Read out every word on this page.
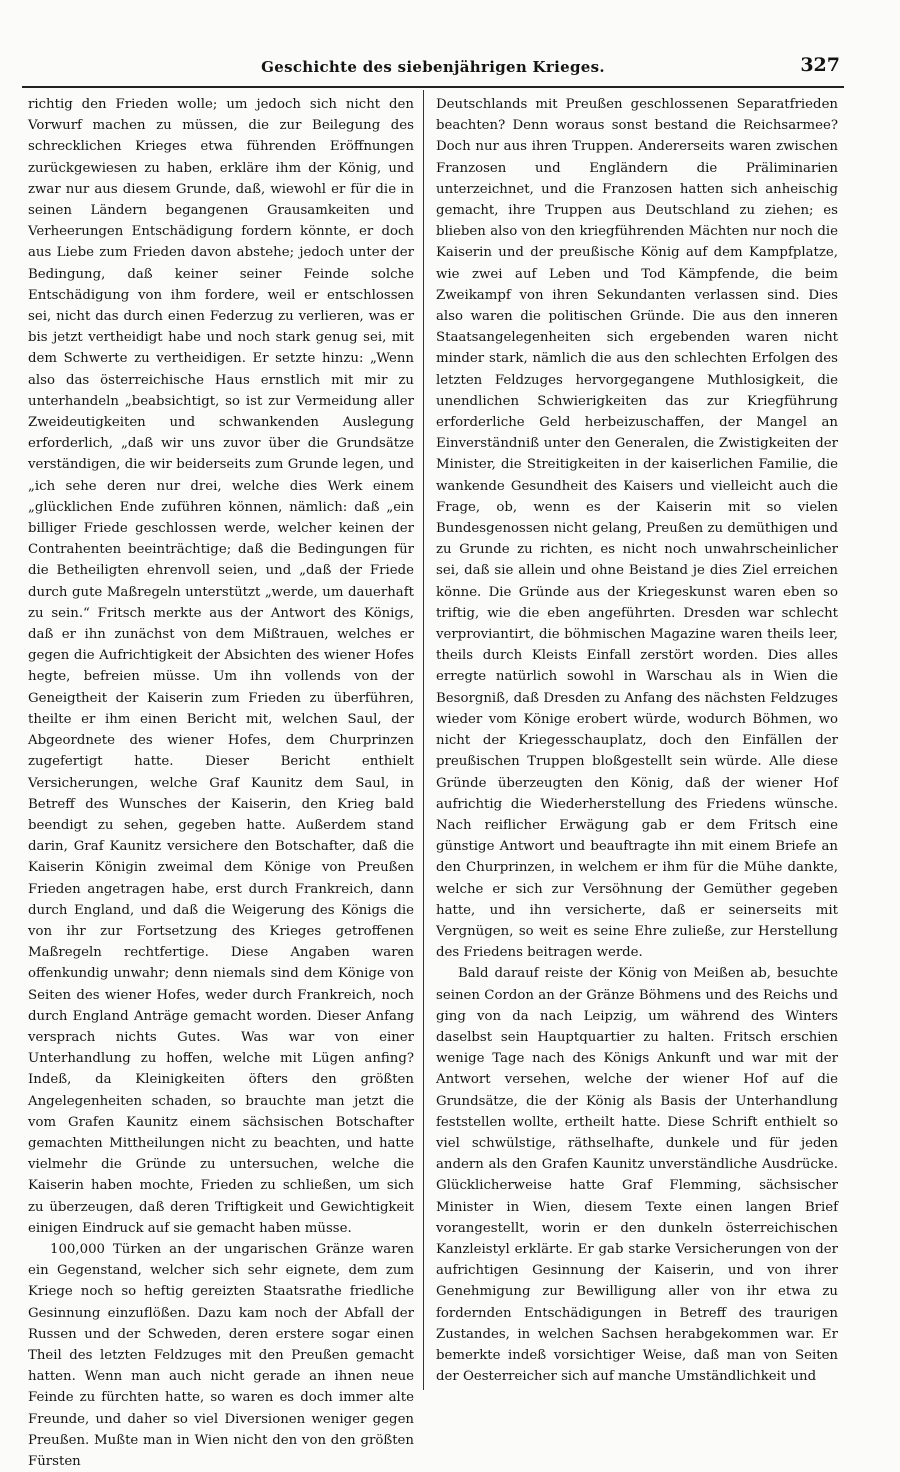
Geschichte des siebenjährigen Krieges.	327

richtig den Frieden wolle; um jedoch sich nicht den Vorwurf machen zu müssen, die zur Beilegung des schrecklichen Krieges etwa führenden Eröffnungen zurückgewiesen zu haben, erkläre ihm der König, und zwar nur aus diesem Grunde, daß, wiewohl er für die in seinen Ländern begangenen Grausamkeiten und Verheerungen Entschädigung fordern könnte, er doch aus Liebe zum Frieden davon abstehe; jedoch unter der Bedingung, daß keiner seiner Feinde solche Entschädigung von ihm fordere, weil er entschlossen sei, nicht das durch einen Federzug zu verlieren, was er bis jetzt vertheidigt habe und noch stark genug sei, mit dem Schwerte zu vertheidigen. Er setzte hinzu: „Wenn also das österreichische Haus ernstlich mit mir zu unterhandeln „beabsichtigt, so ist zur Vermeidung aller Zweideutigkeiten und schwankenden Auslegung erforderlich, „daß wir uns zuvor über die Grundsätze verständigen, die wir beiderseits zum Grunde legen, und „ich sehe deren nur drei, welche dies Werk einem „glücklichen Ende zuführen können, nämlich: daß „ein billiger Friede geschlossen werde, welcher keinen der Contrahenten beeinträchtige; daß die Bedingungen für die Betheiligten ehrenvoll seien, und „daß der Friede durch gute Maßregeln unterstützt „werde, um dauerhaft zu sein.“ Fritsch merkte aus der Antwort des Königs, daß er ihn zunächst von dem Mißtrauen, welches er gegen die Aufrichtigkeit der Absichten des wiener Hofes hegte, befreien müsse. Um ihn vollends von der Geneigtheit der Kaiserin zum Frieden zu überführen, theilte er ihm einen Bericht mit, welchen Saul, der Abgeordnete des wiener Hofes, dem Churprinzen zugefertigt hatte. Dieser Bericht enthielt Versicherungen, welche Graf Kaunitz dem Saul, in Betreff des Wunsches der Kaiserin, den Krieg bald beendigt zu sehen, gegeben hatte. Außerdem stand darin, Graf Kaunitz versichere den Botschafter, daß die Kaiserin Königin zweimal dem Könige von Preußen Frieden angetragen habe, erst durch Frankreich, dann durch England, und daß die Weigerung des Königs die von ihr zur Fortsetzung des Krieges getroffenen Maßregeln rechtfertige. Diese Angaben waren offenkundig unwahr; denn niemals sind dem Könige von Seiten des wiener Hofes, weder durch Frankreich, noch durch England Anträge gemacht worden. Dieser Anfang versprach nichts Gutes. Was war von einer Unterhandlung zu hoffen, welche mit Lügen anfing? Indeß, da Kleinigkeiten öfters den größten Angelegenheiten schaden, so brauchte man jetzt die vom Grafen Kaunitz einem sächsischen Botschafter gemachten Mittheilungen nicht zu beachten, und hatte vielmehr die Gründe zu untersuchen, welche die Kaiserin haben mochte, Frieden zu schließen, um sich zu überzeugen, daß deren Triftigkeit und Gewichtigkeit einigen Eindruck auf sie gemacht haben müsse.

100,000 Türken an der ungarischen Gränze waren ein Gegenstand, welcher sich sehr eignete, dem zum Kriege noch so heftig gereizten Staatsrathe friedliche Gesinnung einzuflößen. Dazu kam noch der Abfall der Russen und der Schweden, deren erstere sogar einen Theil des letzten Feldzuges mit den Preußen gemacht hatten. Wenn man auch nicht gerade an ihnen neue Feinde zu fürchten hatte, so waren es doch immer alte Freunde, und daher so viel Diversionen weniger gegen Preußen. Mußte man in Wien nicht den von den größten Fürsten

Deutschlands mit Preußen geschlossenen Separatfrieden beachten? Denn woraus sonst bestand die Reichsarmee? Doch nur aus ihren Truppen. Andererseits waren zwischen Franzosen und Engländern die Präliminarien unterzeichnet, und die Franzosen hatten sich anheischig gemacht, ihre Truppen aus Deutschland zu ziehen; es blieben also von den kriegführenden Mächten nur noch die Kaiserin und der preußische König auf dem Kampfplatze, wie zwei auf Leben und Tod Kämpfende, die beim Zweikampf von ihren Sekundanten verlassen sind. Dies also waren die politischen Gründe. Die aus den inneren Staatsangelegenheiten sich ergebenden waren nicht minder stark, nämlich die aus den schlechten Erfolgen des letzten Feldzuges hervorgegangene Muthlosigkeit, die unendlichen Schwierigkeiten das zur Kriegführung erforderliche Geld herbeizuschaffen, der Mangel an Einverständniß unter den Generalen, die Zwistigkeiten der Minister, die Streitigkeiten in der kaiserlichen Familie, die wankende Gesundheit des Kaisers und vielleicht auch die Frage, ob, wenn es der Kaiserin mit so vielen Bundesgenossen nicht gelang, Preußen zu demüthigen und zu Grunde zu richten, es nicht noch unwahrscheinlicher sei, daß sie allein und ohne Beistand je dies Ziel erreichen könne. Die Gründe aus der Kriegeskunst waren eben so triftig, wie die eben angeführten. Dresden war schlecht verproviantirt, die böhmischen Magazine waren theils leer, theils durch Kleists Einfall zerstört worden. Dies alles erregte natürlich sowohl in Warschau als in Wien die Besorgniß, daß Dresden zu Anfang des nächsten Feldzuges wieder vom Könige erobert würde, wodurch Böhmen, wo nicht der Kriegesschauplatz, doch den Einfällen der preußischen Truppen bloßgestellt sein würde. Alle diese Gründe überzeugten den König, daß der wiener Hof aufrichtig die Wiederherstellung des Friedens wünsche. Nach reiflicher Erwägung gab er dem Fritsch eine günstige Antwort und beauftragte ihn mit einem Briefe an den Churprinzen, in welchem er ihm für die Mühe dankte, welche er sich zur Versöhnung der Gemüther gegeben hatte, und ihn versicherte, daß er seinerseits mit Vergnügen, so weit es seine Ehre zuließe, zur Herstellung des Friedens beitragen werde.

Bald darauf reiste der König von Meißen ab, besuchte seinen Cordon an der Gränze Böhmens und des Reichs und ging von da nach Leipzig, um während des Winters daselbst sein Hauptquartier zu halten. Fritsch erschien wenige Tage nach des Königs Ankunft und war mit der Antwort versehen, welche der wiener Hof auf die Grundsätze, die der König als Basis der Unterhandlung feststellen wollte, ertheilt hatte. Diese Schrift enthielt so viel schwülstige, räthselhafte, dunkele und für jeden andern als den Grafen Kaunitz unverständliche Ausdrücke. Glücklicherweise hatte Graf Flemming, sächsischer Minister in Wien, diesem Texte einen langen Brief vorangestellt, worin er den dunkeln österreichischen Kanzleistyl erklärte. Er gab starke Versicherungen von der aufrichtigen Gesinnung der Kaiserin, und von ihrer Genehmigung zur Bewilligung aller von ihr etwa zu fordernden Entschädigungen in Betreff des traurigen Zustandes, in welchen Sachsen herabgekommen war. Er bemerkte indeß vorsichtiger Weise, daß man von Seiten der Oesterreicher sich auf manche Umständlichkeit und
